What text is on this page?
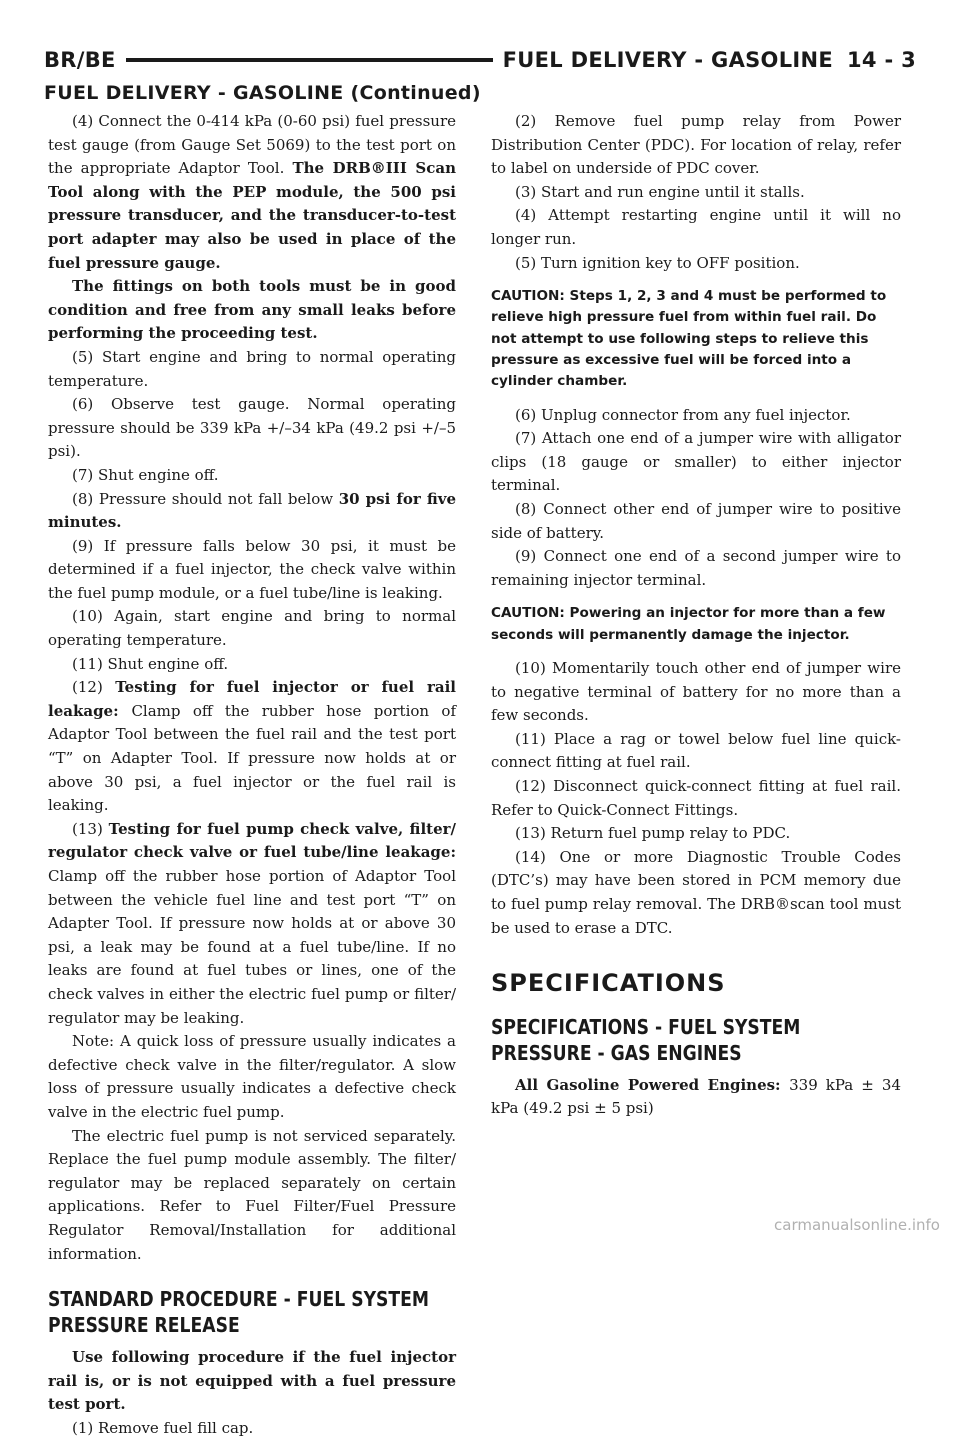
BR/BE	FUEL DELIVERY - GASOLINE 14 - 3
FUEL DELIVERY - GASOLINE (Continued)

(4) Connect the 0-414 kPa (0-60 psi) fuel pressure test gauge (from Gauge Set 5069) to the test port on the appropriate Adaptor Tool. The DRB®III Scan Tool along with the PEP module, the 500 psi pressure transducer, and the transducer-to-test port adapter may also be used in place of the fuel pressure gauge.

The fittings on both tools must be in good condition and free from any small leaks before performing the proceeding test.

(5) Start engine and bring to normal operating temperature.

(6) Observe test gauge. Normal operating pressure should be 339 kPa +/–34 kPa (49.2 psi +/–5 psi).

(7) Shut engine off.

(8) Pressure should not fall below 30 psi for five minutes.

(9) If pressure falls below 30 psi, it must be determined if a fuel injector, the check valve within the fuel pump module, or a fuel tube/line is leaking.

(10) Again, start engine and bring to normal operating temperature.

(11) Shut engine off.

(12) Testing for fuel injector or fuel rail leakage: Clamp off the rubber hose portion of Adaptor Tool between the fuel rail and the test port “T” on Adapter Tool. If pressure now holds at or above 30 psi, a fuel injector or the fuel rail is leaking.

(13) Testing for fuel pump check valve, filter/ regulator check valve or fuel tube/line leakage: Clamp off the rubber hose portion of Adaptor Tool between the vehicle fuel line and test port “T” on Adapter Tool. If pressure now holds at or above 30 psi, a leak may be found at a fuel tube/line. If no leaks are found at fuel tubes or lines, one of the check valves in either the electric fuel pump or filter/ regulator may be leaking.

Note: A quick loss of pressure usually indicates a defective check valve in the filter/regulator. A slow loss of pressure usually indicates a defective check valve in the electric fuel pump.

The electric fuel pump is not serviced separately. Replace the fuel pump module assembly. The filter/ regulator may be replaced separately on certain applications. Refer to Fuel Filter/Fuel Pressure Regulator Removal/Installation for additional information.

STANDARD PROCEDURE - FUEL SYSTEM PRESSURE RELEASE

Use following procedure if the fuel injector rail is, or is not equipped with a fuel pressure test port.

(1) Remove fuel fill cap.

(2) Remove fuel pump relay from Power Distribution Center (PDC). For location of relay, refer to label on underside of PDC cover.

(3) Start and run engine until it stalls.

(4) Attempt restarting engine until it will no longer run.

(5) Turn ignition key to OFF position.

CAUTION: Steps 1, 2, 3 and 4 must be performed to relieve high pressure fuel from within fuel rail. Do not attempt to use following steps to relieve this pressure as excessive fuel will be forced into a cylinder chamber.

(6) Unplug connector from any fuel injector.

(7) Attach one end of a jumper wire with alligator clips (18 gauge or smaller) to either injector terminal.

(8) Connect other end of jumper wire to positive side of battery.

(9) Connect one end of a second jumper wire to remaining injector terminal.

CAUTION: Powering an injector for more than a few seconds will permanently damage the injector.

(10) Momentarily touch other end of jumper wire to negative terminal of battery for no more than a few seconds.

(11) Place a rag or towel below fuel line quick-connect fitting at fuel rail.

(12) Disconnect quick-connect fitting at fuel rail. Refer to Quick-Connect Fittings.

(13) Return fuel pump relay to PDC.

(14) One or more Diagnostic Trouble Codes (DTC’s) may have been stored in PCM memory due to fuel pump relay removal. The DRB®scan tool must be used to erase a DTC.

SPECIFICATIONS
SPECIFICATIONS - FUEL SYSTEM PRESSURE - GAS ENGINES

All Gasoline Powered Engines: 339 kPa ± 34 kPa (49.2 psi ± 5 psi)

carmanualsonline.info
